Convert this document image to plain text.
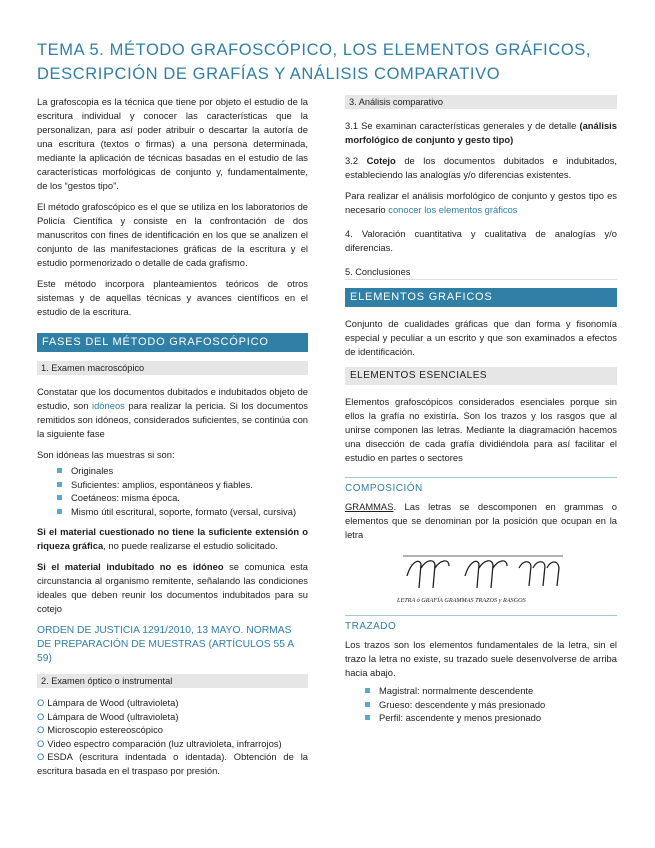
TEMA 5. MÉTODO GRAFOSCÓPICO, LOS ELEMENTOS GRÁFICOS,
DESCRIPCIÓN DE GRAFÍAS Y ANÁLISIS COMPARATIVO

La grafoscopia es la técnica que tiene por objeto el estudio de la escritura individual y conocer las características que la personalizan, para así poder atribuir o descartar la autoría de una escritura (textos o firmas) a una persona determinada, mediante la aplicación de técnicas basadas en el estudio de las características morfológicas de conjunto y, fundamentalmente, de los “gestos tipo”.

El método grafoscópico es el que se utiliza en los laboratorios de Policía Científica y consiste en la confrontación de dos manuscritos con fines de identificación en los que se analizen el conjunto de las manifestaciones gráficas de la escritura y el estudio pormenorizado o detalle de cada grafismo.

Este método incorpora planteamientos teóricos de otros sistemas y de aquellas técnicas y avances científicos en el estudio de la escritura.

FASES DEL MÉTODO GRAFOSCÓPICO
1. Examen macroscópico

Constatar que los documentos dubitados e indubitados objeto de estudio, son idóneos para realizar la pericia. Si los documentos remitidos son idóneos, considerados suficientes, se continúa con la siguiente fase

Son idóneas las muestras si son:

Originales
Suficientes: amplios, espontáneos y fiables.
Coetáneos: misma época.
Mismo útil escritural, soporte, formato (versal, cursiva)

Si el material cuestionado no tiene la suficiente extensión o riqueza gráfica, no puede realizarse el estudio solicitado.

Si el material indubitado no es idóneo se comunica esta circunstancia al organismo remitente, señalando las condiciones ideales que deben reunir los documentos indubitados para su cotejo

ORDEN DE JUSTICIA 1291/2010, 13 MAYO. NORMAS DE PREPARACIÓN DE MUESTRAS (ARTÍCULOS 55 A 59)
2. Examen óptico o instrumental
O Lámpara de Wood (ultravioleta)
O Lámpara de Wood (ultravioleta)
O Microscopio estereoscópico
O Video espectro comparación (luz ultravioleta, infrarrojos)
O ESDA (escritura indentada o identada). Obtención de la escritura basada en el traspaso por presión.
3. Análisis comparativo

3.1 Se examinan características generales y de detalle (análisis morfológico de conjunto y gesto tipo)

3.2 Cotejo de los documentos dubitados e indubitados, estableciendo las analogías y/o diferencias existentes.

Para realizar el análisis morfológico de conjunto y gestos tipo es necesario conocer los elementos gráficos

4. Valoración cuantitativa y cualitativa de analogías y/o diferencias.

5. Conclusiones
ELEMENTOS GRAFICOS

Conjunto de cualidades gráficas que dan forma y fisonomía especial y peculiar a un escrito y que son examinados a efectos de identificación.

ELEMENTOS ESENCIALES

Elementos grafoscópicos considerados esenciales porque sin ellos la grafía no existiría. Son los trazos y los rasgos que al unirse componen las letras. Mediante la diagramación hacemos una disección de cada grafía dividiéndola para así facilitar el estudio en partes o sectores

COMPOSICIÓN

GRAMMAS. Las letras se descomponen en grammas o elementos que se denominan por la posición que ocupan en la letra

LETRA ó GRAFÍA GRAMMAS TRAZOS y RASGOS
TRAZADO

Los trazos son los elementos fundamentales de la letra, sin el trazo la letra no existe, su trazado suele desenvolverse de arriba hacia abajo.

Magistral: normalmente descendente
Grueso: descendente y más presionado
Perfil: ascendente y menos presionado
